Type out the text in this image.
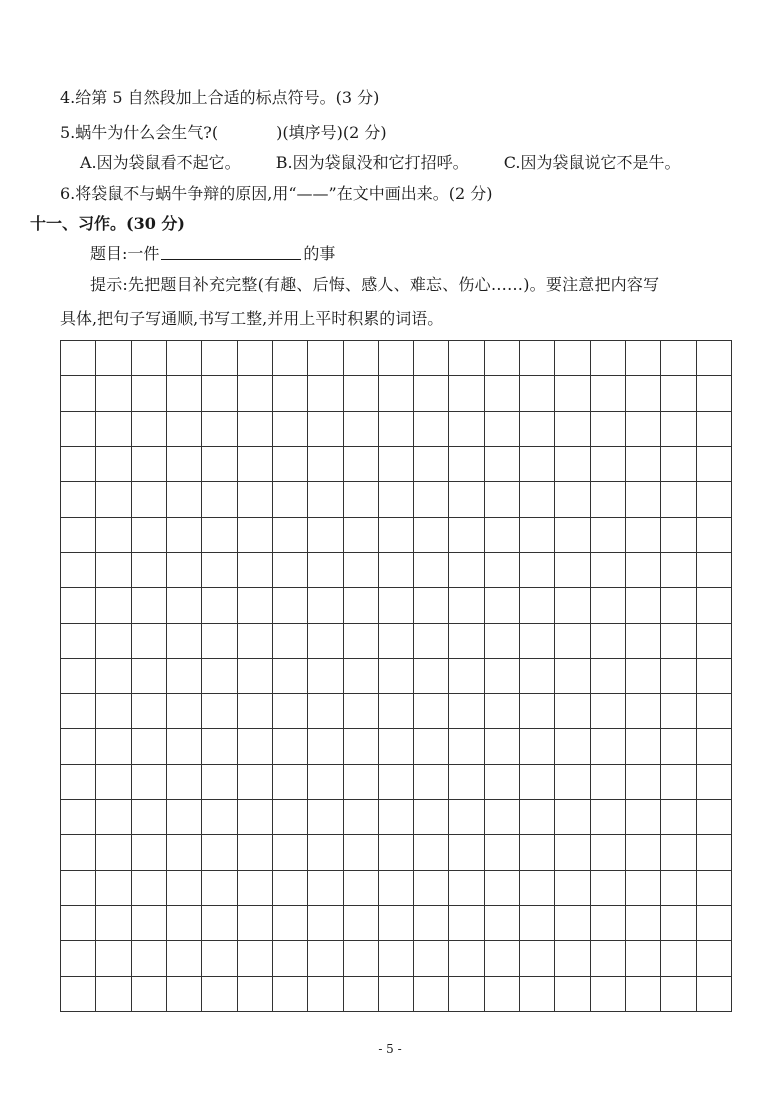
4.给第 5 自然段加上合适的标点符号。(3 分)
5.蜗牛为什么会生气?(	)(填序号)(2 分)
A.因为袋鼠看不起它。 B.因为袋鼠没和它打招呼。 C.因为袋鼠说它不是牛。
6.将袋鼠不与蜗牛争辩的原因,用“——”在文中画出来。(2 分)
十一、习作。(30 分)
题目:一件	的事
提示:先把题目补充完整(有趣、后悔、感人、难忘、伤心……)。要注意把内容写
具体,把句子写通顺,书写工整,并用上平时积累的词语。

- 5 -
